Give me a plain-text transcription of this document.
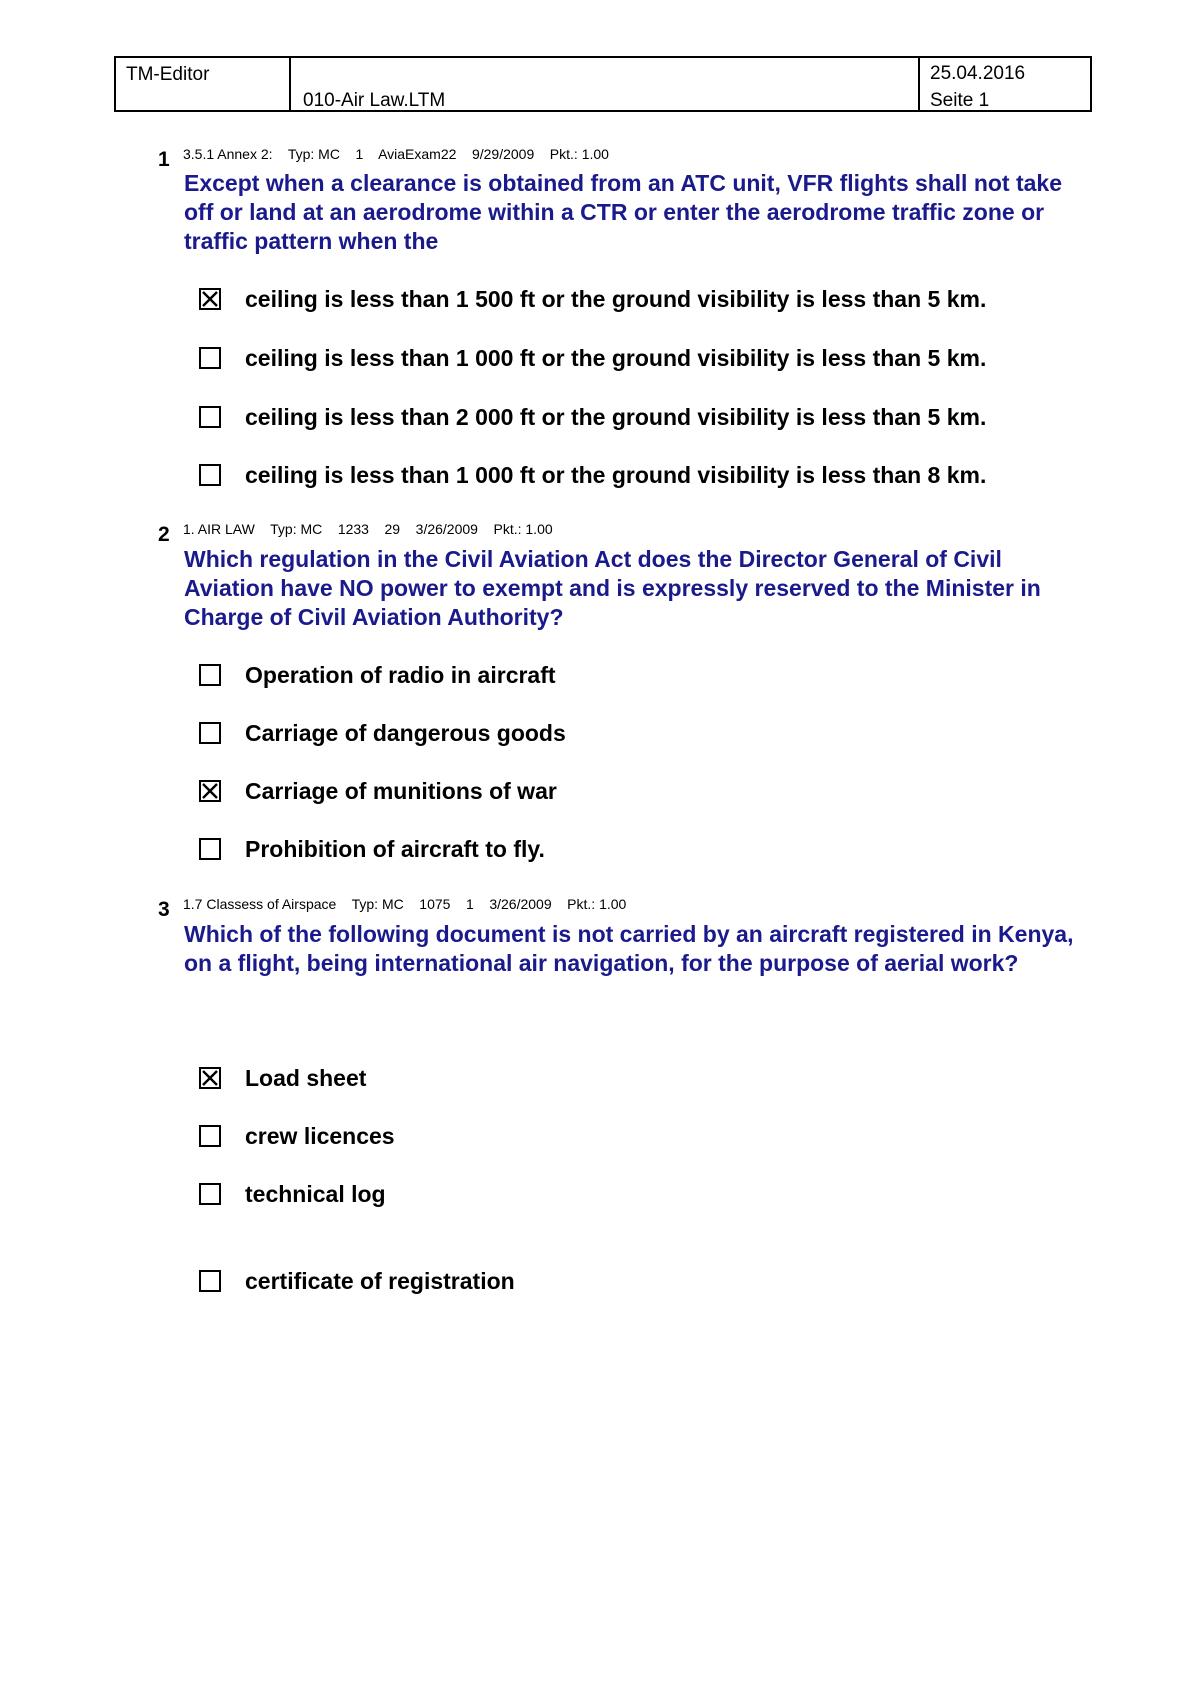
TM-Editor
010-Air Law.LTM
25.04.2016
Seite 1
1 3.5.1 Annex 2:    Typ: MC    1    AviaExam22    9/29/2009    Pkt.: 1.00
Except when a clearance is obtained from an ATC unit, VFR flights shall not take off or land at an aerodrome within a CTR or enter the aerodrome traffic zone or traffic pattern when the
ceiling is less than 1 500 ft or the ground visibility is less than 5 km.
ceiling is less than 1 000 ft or the ground visibility is less than 5 km.
ceiling is less than 2 000 ft or the ground visibility is less than 5 km.
ceiling is less than 1 000 ft or the ground visibility is less than 8 km.
2 1. AIR LAW    Typ: MC    1233    29    3/26/2009    Pkt.: 1.00
Which regulation in the Civil Aviation Act does the Director General of Civil Aviation have NO power to exempt and is expressly reserved to the Minister in Charge of Civil Aviation Authority?
Operation of radio in aircraft
Carriage of dangerous goods
Carriage of munitions of war
Prohibition of aircraft to fly.
3 1.7 Classess of Airspace    Typ: MC    1075    1    3/26/2009    Pkt.: 1.00
Which of the following document is not carried by an aircraft registered in Kenya, on a flight, being international air navigation, for the purpose of aerial work?
Load sheet
crew licences
technical log
certificate of registration
